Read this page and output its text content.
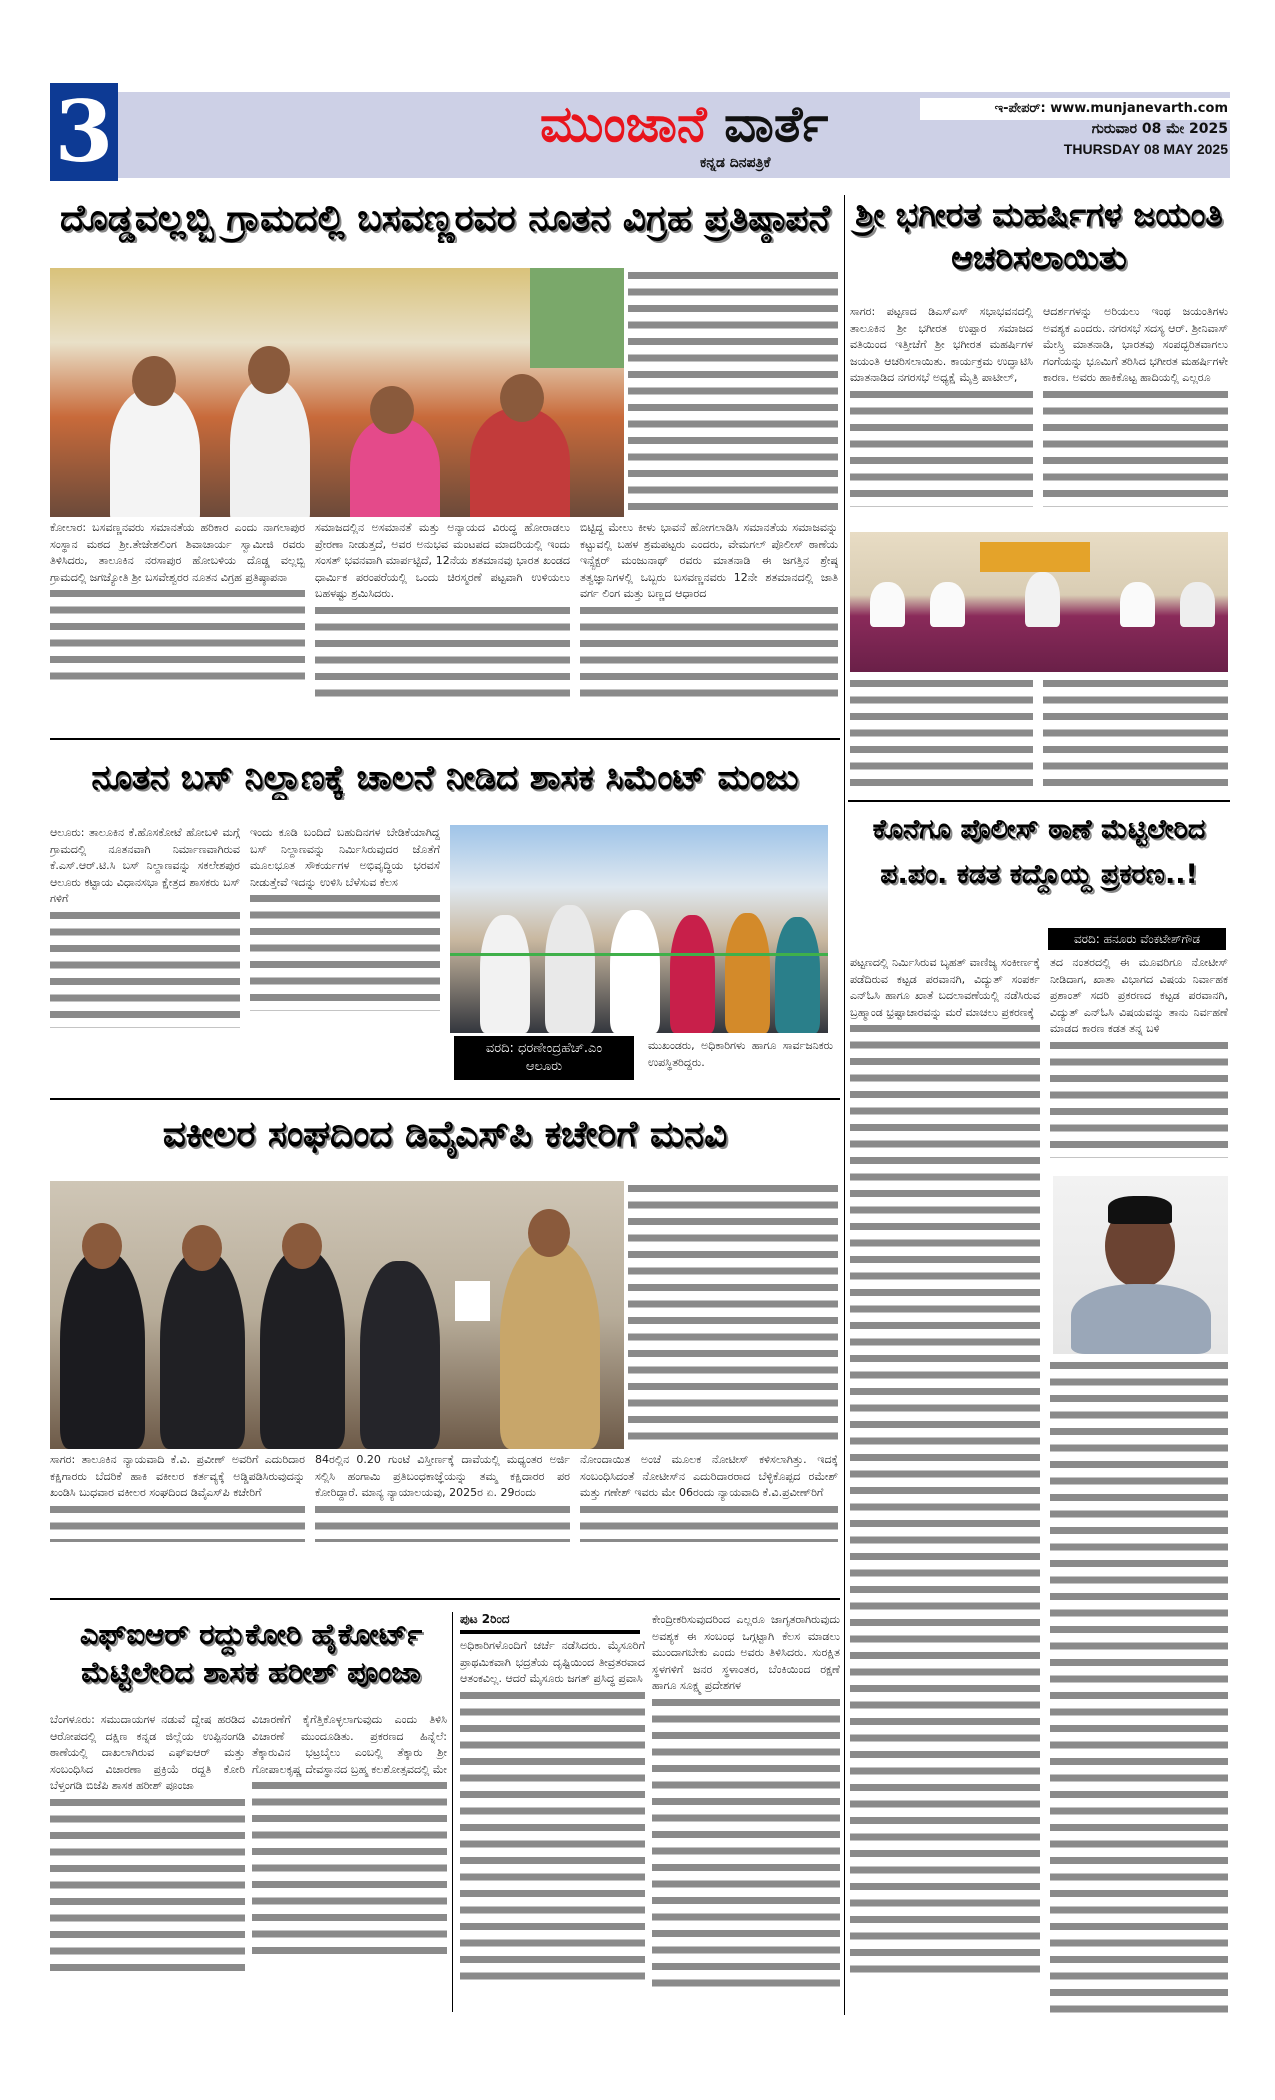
3	ಮುಂಜಾನೆ ವಾರ್ತೆ
ಕನ್ನಡ ದಿನಪತ್ರಿಕೆ
ಇ-ಪೇಪರ್: www.munjanevarth.com
ಗುರುವಾರ 08 ಮೇ 2025
THURSDAY 08 MAY 2025
ದೊಡ್ಡವಲ್ಲಬ್ಬಿ ಗ್ರಾಮದಲ್ಲಿ ಬಸವಣ್ಣರವರ ನೂತನ ವಿಗ್ರಹ ಪ್ರತಿಷ್ಠಾಪನೆ

ಕೋಲಾರ: ಬಸವಣ್ಣನವರು ಸಮಾನತೆಯ ಹರಿಕಾರ ಎಂದು ನಾಗಲಾಪುರ ಸಂಸ್ಥಾನ ಮಠದ ಶ್ರೀ.ತೇಜೇಶಲಿಂಗ ಶಿವಾಚಾರ್ಯ ಸ್ವಾಮೀಜಿ ರವರು ತಿಳಿಸಿದರು, ತಾಲೂಕಿನ ನರಸಾಪುರ ಹೋಬಳಿಯ ದೊಡ್ಡ ವಲ್ಲಬ್ಬಿ ಗ್ರಾಮದಲ್ಲಿ ಜಗಜ್ಯೋತಿ ಶ್ರೀ ಬಸವೇಶ್ವರರ ನೂತನ ವಿಗ್ರಹ ಪ್ರತಿಷ್ಠಾಪನಾ

ಸಮಾಜದಲ್ಲಿನ ಅಸಮಾನತೆ ಮತ್ತು ಅನ್ಯಾಯದ ವಿರುದ್ಧ ಹೋರಾಡಲು ಪ್ರೇರಣಾ ನೀಡುತ್ತದೆ, ಅವರ ಅನುಭವ ಮಂಟಪದ ಮಾದರಿಯಲ್ಲಿ ಇಂದು ಸಂಸತ್ ಭವನವಾಗಿ ಮಾರ್ಪಟ್ಟಿದೆ, 12ನೆಯ ಶತಮಾನವು ಭಾರತ ಖಂಡದ ಧಾರ್ಮಿಕ ಪರಂಪರೆಯಲ್ಲಿ ಒಂದು ಚಿರಸ್ಮರಣೆ ಪಟ್ಟವಾಗಿ ಉಳಿಯಲು ಬಹಳಷ್ಟು ಶ್ರಮಿಸಿದರು.

ಬಿಟ್ಟಿದ್ದ ಮೇಲು ಕೀಳು ಭಾವನೆ ಹೋಗಲಾಡಿಸಿ ಸಮಾನತೆಯ ಸಮಾಜವನ್ನು ಕಟ್ಟುವಲ್ಲಿ ಬಹಳ ಶ್ರಮಪಟ್ಟರು ಎಂದರು, ವೇಮಗಲ್ ಪೊಲೀಸ್ ಠಾಣೆಯ ಇನ್ಸ್ಪೆಕ್ಟರ್ ಮಂಜುನಾಥ್ ರವರು ಮಾತನಾಡಿ ಈ ಜಗತ್ತಿನ ಶ್ರೇಷ್ಠ ತತ್ವಜ್ಞಾನಿಗಳಲ್ಲಿ ಒಬ್ಬರು ಬಸವಣ್ಣನವರು 12ನೇ ಶತಮಾನದಲ್ಲಿ ಜಾತಿ ವರ್ಗ ಲಿಂಗ ಮತ್ತು ಬಣ್ಣದ ಆಧಾರದ

ನೂತನ ಬಸ್ ನಿಲ್ದಾಣಕ್ಕೆ ಚಾಲನೆ ನೀಡಿದ ಶಾಸಕ ಸಿಮೆಂಟ್ ಮಂಜು

ಆಲೂರು: ತಾಲೂಕಿನ ಕೆ.ಹೊಸಕೋಟೆ ಹೋಬಳಿ ಮಗ್ಗೆ ಗ್ರಾಮದಲ್ಲಿ ನೂತನವಾಗಿ ನಿರ್ಮಾಣವಾಗಿರುವ ಕೆ.ಎಸ್.ಆರ್.ಟಿ.ಸಿ ಬಸ್ ನಿಲ್ದಾಣವನ್ನು ಸಕಲೇಶಪುರ ಆಲೂರು ಕಟ್ಟಾಯ ವಿಧಾನಸಭಾ ಕ್ಷೇತ್ರದ ಶಾಸಕರು ಬಸ್ ಗಳಿಗೆ

ಇಂದು ಕೂಡಿ ಬಂದಿದೆ ಬಹುದಿನಗಳ ಬೇಡಿಕೆಯಾಗಿದ್ದ ಬಸ್ ನಿಲ್ದಾಣವನ್ನು ನಿರ್ಮಿಸಿರುವುದರ ಜೊತೆಗೆ ಮೂಲಭೂತ ಸೌಕರ್ಯಗಳ ಅಭಿವೃದ್ಧಿಯ ಭರವಸೆ ನೀಡುತ್ತೇವೆ ಇದನ್ನು ಉಳಿಸಿ ಬೆಳೆಸುವ ಕೆಲಸ

ವರದಿ: ಧರಣೇಂದ್ರಹೆಚ್.ಎಂ
ಆಲೂರು
ಮುಖಂಡರು, ಅಧಿಕಾರಿಗಳು ಹಾಗೂ ಸಾರ್ವಜನಿಕರು ಉಪಸ್ಥಿತರಿದ್ದರು.
ವಕೀಲರ ಸಂಘದಿಂದ ಡಿವೈಎಸ್‌ಪಿ ಕಚೇರಿಗೆ ಮನವಿ

ಸಾಗರ: ತಾಲೂಕಿನ ನ್ಯಾಯವಾದಿ ಕೆ.ವಿ. ಪ್ರವೀಣ್ ಅವರಿಗೆ ಎದುರಿದಾರ ಕಕ್ಷಿಗಾರರು ಬೆದರಿಕೆ ಹಾಕಿ ವಕೀಲರ ಕರ್ತವ್ಯಕ್ಕೆ ಅಡ್ಡಿಪಡಿಸಿರುವುದನ್ನು ಖಂಡಿಸಿ ಬುಧವಾರ ವಕೀಲರ ಸಂಘದಿಂದ ಡಿವೈಎಸ್‌ಪಿ ಕಚೇರಿಗೆ

84ರಲ್ಲಿನ 0.20 ಗುಂಟೆ ವಿಸ್ತೀರ್ಣಕ್ಕೆ ದಾವೆಯಲ್ಲಿ ಮಧ್ಯಂತರ ಅರ್ಜಿ ಸಲ್ಲಿಸಿ ಹಂಗಾಮಿ ಪ್ರತಿಬಂಧಕಾಜ್ಞೆಯನ್ನು ತಮ್ಮ ಕಕ್ಷಿದಾರರ ಪರ ಕೋರಿದ್ದಾರೆ. ಮಾನ್ಯ ನ್ಯಾಯಾಲಯವು, 2025ರ ಏ. 29ರಂದು

ನೋಂದಾಯಿತ ಅಂಚೆ ಮೂಲಕ ನೋಟೀಸ್ ಕಳಿಸಲಾಗಿತ್ತು. ಇದಕ್ಕೆ ಸಂಬಂಧಿಸಿದಂತೆ ನೋಟೀಸ್‌ನ ಎದುರಿದಾರರಾದ ಬೆಳ್ಳಿಕೊಪ್ಪದ ರಮೇಶ್ ಮತ್ತು ಗಣೇಶ್ ಇವರು ಮೇ 06ರಂದು ನ್ಯಾಯವಾದಿ ಕೆ.ವಿ.ಪ್ರವೀಣ್‌ರಿಗೆ

ಎಫ್‌ಐಆರ್ ರದ್ದುಕೋರಿ ಹೈಕೋರ್ಟ್ ಮೆಟ್ಟಿಲೇರಿದ ಶಾಸಕ ಹರೀಶ್ ಪೂಂಜಾ

ಬೆಂಗಳೂರು: ಸಮುದಾಯಗಳ ನಡುವೆ ದ್ವೇಷ ಹರಡಿದ ಆರೋಪದಲ್ಲಿ ದಕ್ಷಿಣ ಕನ್ನಡ ಜಿಲ್ಲೆಯ ಉಪ್ಪಿನಂಗಡಿ ಠಾಣೆಯಲ್ಲಿ ದಾಖಲಾಗಿರುವ ಎಫ್‌ಐಆರ್ ಮತ್ತು ಸಂಬಂಧಿಸಿದ ವಿಚಾರಣಾ ಪ್ರಕ್ರಿಯೆ ರದ್ದತಿ ಕೋರಿ ಬೆಳ್ತಂಗಡಿ ಬಿಜೆಪಿ ಶಾಸಕ ಹರೀಶ್ ಪೂಂಜಾ

ವಿಚಾರಣೆಗೆ ಕೈಗೆತ್ತಿಕೊಳ್ಳಲಾಗುವುದು ಎಂದು ತಿಳಿಸಿ ವಿಚಾರಣೆ ಮುಂದೂಡಿತು. ಪ್ರಕರಣದ ಹಿನ್ನೆಲೆ: ತೆಕ್ಕಾರುವಿನ ಭಟ್ರಬೈಲು ಎಂಬಲ್ಲಿ ತೆಕ್ಕಾರು ಶ್ರೀ ಗೋಪಾಲಕೃಷ್ಣ ದೇವಸ್ಥಾನದ ಬ್ರಹ್ಮ ಕಲಶೋತ್ಸವದಲ್ಲಿ ಮೇ

ಪುಟ 2ರಿಂದ

ಅಧಿಕಾರಿಗಳೊಂದಿಗೆ ಚರ್ಚೆ ನಡೆಸಿದರು. ಮೈಸೂರಿಗೆ ಪ್ರಾಥಮಿಕವಾಗಿ ಭದ್ರತೆಯ ದೃಷ್ಟಿಯಿಂದ ತೀವ್ರತರವಾದ ಆತಂಕವಿಲ್ಲ. ಆದರೆ ಮೈಸೂರು ಜಗತ್ ಪ್ರಸಿದ್ಧ ಪ್ರವಾಸಿ

ಕೇಂದ್ರೀಕರಿಸುವುದರಿಂದ ಎಲ್ಲರೂ ಜಾಗೃತರಾಗಿರುವುದು ಅವಶ್ಯಕ ಈ ಸಂಬಂಧ ಒಗ್ಗಟ್ಟಾಗಿ ಕೆಲಸ ಮಾಡಲು ಮುಂದಾಗಬೇಕು ಎಂದು ಅವರು ತಿಳಿಸಿದರು. ಸುರಕ್ಷಿತ ಸ್ಥಳಗಳಿಗೆ ಜನರ ಸ್ಥಳಾಂತರ, ಬೆಂಕಿಯಿಂದ ರಕ್ಷಣೆ ಹಾಗೂ ಸೂಕ್ಷ್ಮ ಪ್ರದೇಶಗಳ

ಶ್ರೀ ಭಗೀರತ ಮಹರ್ಷಿಗಳ ಜಯಂತಿ ಆಚರಿಸಲಾಯಿತು

ಸಾಗರ: ಪಟ್ಟಣದ ಡಿಎಸ್‌ಎಸ್ ಸಭಾಭವನದಲ್ಲಿ ತಾಲೂಕಿನ ಶ್ರೀ ಭಗೀರತ ಉಪ್ಪಾರ ಸಮಾಜದ ವತಿಯಿಂದ ಇತ್ತೀಚೆಗೆ ಶ್ರೀ ಭಗೀರತ ಮಹರ್ಷಿಗಳ ಜಯಂತಿ ಆಚರಿಸಲಾಯಿತು. ಕಾರ್ಯಕ್ರಮ ಉದ್ಘಾಟಿಸಿ ಮಾತನಾಡಿದ ನಗರಸಭೆ ಅಧ್ಯಕ್ಷೆ ಮೈತ್ರಿ ಪಾಟೀಲ್,

ಆದರ್ಶಗಳನ್ನು ಅರಿಯಲು ಇಂಥ ಜಯಂತಿಗಳು ಅವಶ್ಯಕ ಎಂದರು. ನಗರಸಭೆ ಸದಸ್ಯ ಆರ್. ಶ್ರೀನಿವಾಸ್ ಮೇಸ್ತ್ರಿ ಮಾತನಾಡಿ, ಭಾರತವು ಸಂಪದ್ಭರಿತವಾಗಲು ಗಂಗೆಯನ್ನು ಭೂಮಿಗೆ ತರಿಸಿದ ಭಗೀರತ ಮಹರ್ಷಿಗಳೇ ಕಾರಣ. ಅವರು ಹಾಕಿಕೊಟ್ಟ ಹಾದಿಯಲ್ಲಿ ಎಲ್ಲರೂ

ಕೊನೆಗೂ ಪೊಲೀಸ್ ಠಾಣೆ ಮೆಟ್ಟಿಲೇರಿದ
ಪ.ಪಂ. ಕಡತ ಕದ್ದೊಯ್ದ ಪ್ರಕರಣ..!
ವರದಿ: ಹನೂರು ವೆಂಕಟೇಶ್‌ಗೌಡ

ಪಟ್ಟಣದಲ್ಲಿ ನಿರ್ಮಿಸಿರುವ ಬೃಹತ್ ವಾಣಿಜ್ಯ ಸಂಕೀರ್ಣಕ್ಕೆ ಪಡೆದಿರುವ ಕಟ್ಟಡ ಪರವಾನಗಿ, ವಿದ್ಯುತ್ ಸಂಪರ್ಕ ಎನ್‌ಓಸಿ ಹಾಗೂ ಖಾತೆ ಬದಲಾವಣೆಯಲ್ಲಿ ನಡೆಸಿರುವ ಬ್ರಹ್ಮಾಂಡ ಭ್ರಷ್ಟಾಚಾರವನ್ನು ಮರೆ ಮಾಚಲು ಪ್ರಕರಣಕ್ಕೆ

ತದ ನಂತರದಲ್ಲಿ ಈ ಮೂವರಿಗೂ ನೋಟೀಸ್ ನೀಡಿದಾಗ, ಖಾತಾ ವಿಭಾಗದ ವಿಷಯ ನಿರ್ವಾಹಕ ಪ್ರಶಾಂತ್ ಸದರಿ ಪ್ರಕರಣದ ಕಟ್ಟಡ ಪರವಾನಗಿ, ವಿದ್ಯುತ್ ಎನ್‌ಓಸಿ ವಿಷಯವನ್ನು ತಾನು ನಿರ್ವಹಣೆ ಮಾಡದ ಕಾರಣ ಕಡತ ತನ್ನ ಬಳಿ
